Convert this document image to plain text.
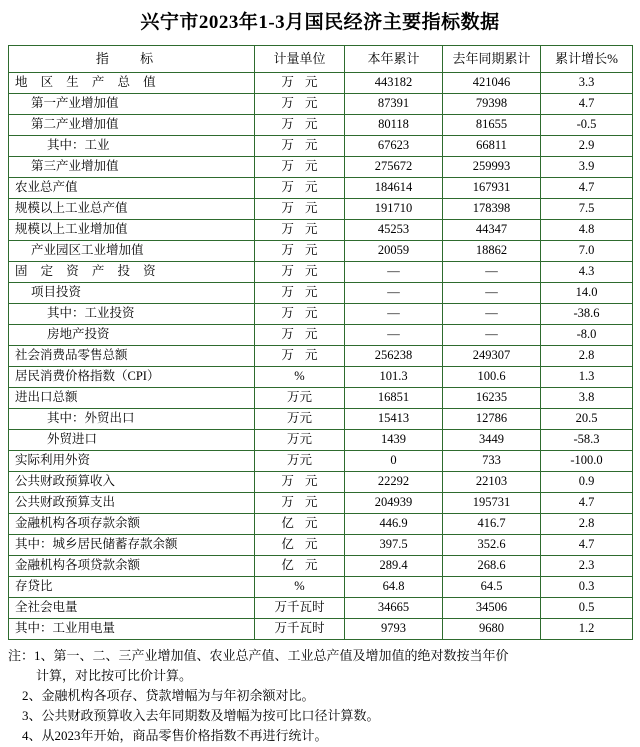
兴宁市2023年1-3月国民经济主要指标数据
指 标	计量单位	本年累计	去年同期累计	累计增长%
地 区 生 产 总 值	万 元	443182	421046	3.3
第一产业增加值	万 元	87391	79398	4.7
第二产业增加值	万 元	80118	81655	-0.5
其中：工业	万 元	67623	66811	2.9
第三产业增加值	万 元	275672	259993	3.9
农业总产值	万 元	184614	167931	4.7
规模以上工业总产值	万 元	191710	178398	7.5
规模以上工业增加值	万 元	45253	44347	4.8
产业园区工业增加值	万 元	20059	18862	7.0
固 定 资 产 投 资	万 元	—	—	4.3
项目投资	万 元	—	—	14.0
其中：工业投资	万 元	—	—	-38.6
房地产投资	万 元	—	—	-8.0
社会消费品零售总额	万 元	256238	249307	2.8
居民消费价格指数（CPI）	%	101.3	100.6	1.3
进出口总额	万元	16851	16235	3.8
其中：外贸出口	万元	15413	12786	20.5
外贸进口	万元	1439	3449	-58.3
实际利用外资	万元	0	733	-100.0
公共财政预算收入	万 元	22292	22103	0.9
公共财政预算支出	万 元	204939	195731	4.7
金融机构各项存款余额	亿 元	446.9	416.7	2.8
其中：城乡居民储蓄存款余额	亿 元	397.5	352.6	4.7
金融机构各项贷款余额	亿 元	289.4	268.6	2.3
存贷比	%	64.8	64.5	0.3
全社会电量	万千瓦时	34665	34506	0.5
其中：工业用电量	万千瓦时	9793	9680	1.2
注：1、第一、二、三产业增加值、农业总产值、工业总产值及增加值的绝对数按当年价
计算，对比按可比价计算。
2、金融机构各项存、贷款增幅为与年初余额对比。
3、公共财政预算收入去年同期数及增幅为按可比口径计算数。
4、从2023年开始，商品零售价格指数不再进行统计。
